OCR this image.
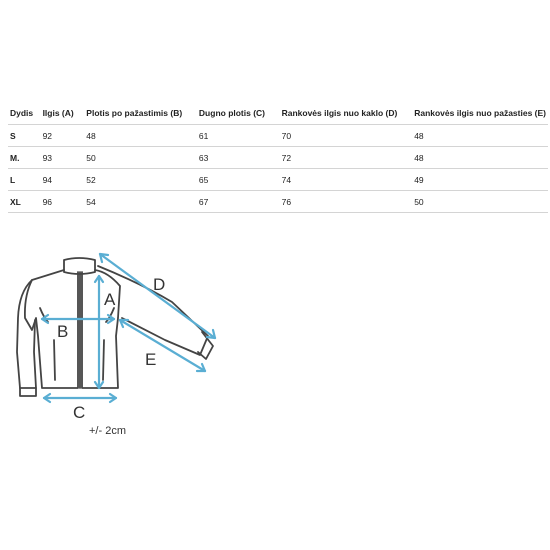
Dydis	Ilgis (A)	Plotis po pažastimis (B)	Dugno plotis (C)	Rankovės ilgis nuo kaklo (D)	Rankovės ilgis nuo pažasties (E)
S	92	48	61	70	48
M.	93	50	63	72	48
L	94	52	65	74	49
XL	96	54	67	76	50
A
B
C
D
E
+/- 2cm
